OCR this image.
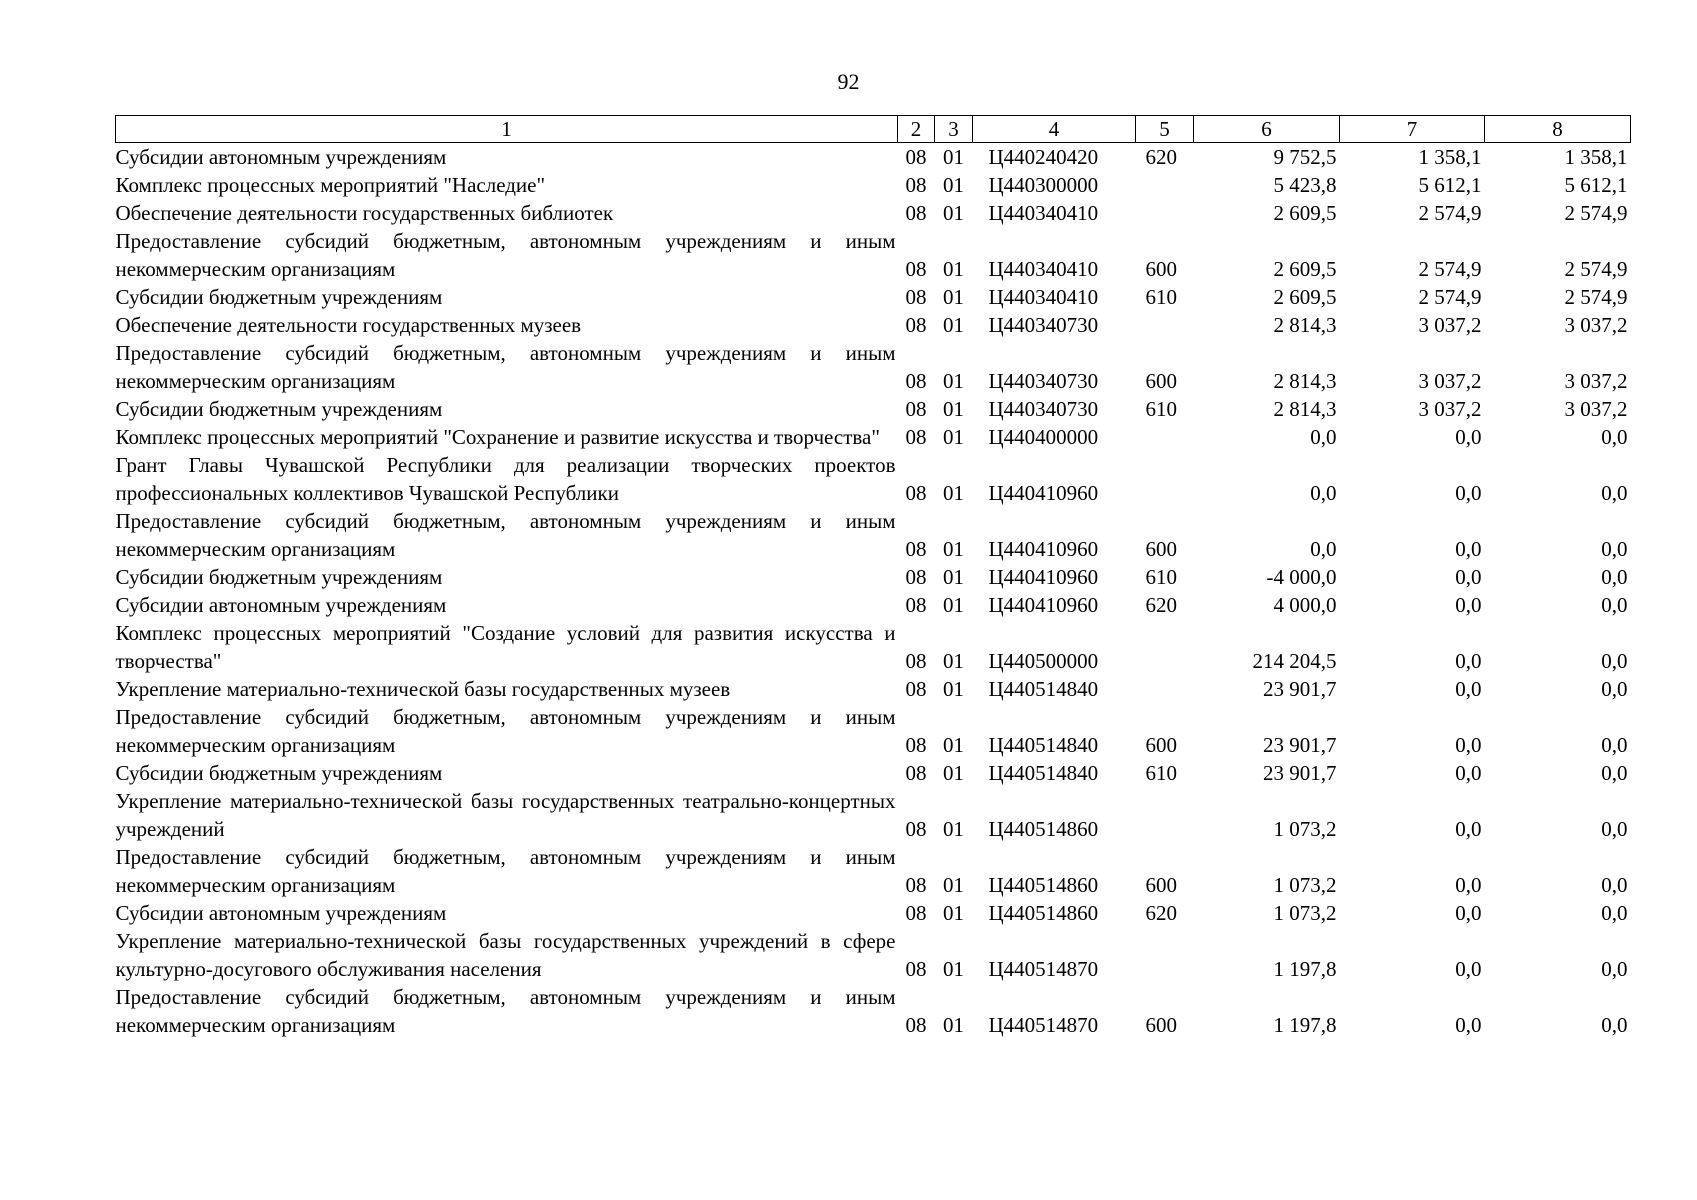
92
1	2	3	4	5	6	7	8
Субсидии автономным учреждениям	08	01	Ц440240420	620	9 752,5	1 358,1	1 358,1
Комплекс процессных мероприятий "Наследие"	08	01	Ц440300000		5 423,8	5 612,1	5 612,1
Обеспечение деятельности государственных библиотек	08	01	Ц440340410		2 609,5	2 574,9	2 574,9
Предоставление субсидий бюджетным, автономным учреждениям и иным некоммерческим организациям	08	01	Ц440340410	600	2 609,5	2 574,9	2 574,9
Субсидии бюджетным учреждениям	08	01	Ц440340410	610	2 609,5	2 574,9	2 574,9
Обеспечение деятельности государственных музеев	08	01	Ц440340730		2 814,3	3 037,2	3 037,2
Предоставление субсидий бюджетным, автономным учреждениям и иным некоммерческим организациям	08	01	Ц440340730	600	2 814,3	3 037,2	3 037,2
Субсидии бюджетным учреждениям	08	01	Ц440340730	610	2 814,3	3 037,2	3 037,2
Комплекс процессных мероприятий "Сохранение и развитие искусства и творчества"	08	01	Ц440400000		0,0	0,0	0,0
Грант Главы Чувашской Республики для реализации творческих проектов профессиональных коллективов Чувашской Республики	08	01	Ц440410960		0,0	0,0	0,0
Предоставление субсидий бюджетным, автономным учреждениям и иным некоммерческим организациям	08	01	Ц440410960	600	0,0	0,0	0,0
Субсидии бюджетным учреждениям	08	01	Ц440410960	610	-4 000,0	0,0	0,0
Субсидии автономным учреждениям	08	01	Ц440410960	620	4 000,0	0,0	0,0
Комплекс процессных мероприятий "Создание условий для развития искусства и творчества"	08	01	Ц440500000		214 204,5	0,0	0,0
Укрепление материально-технической базы государственных музеев	08	01	Ц440514840		23 901,7	0,0	0,0
Предоставление субсидий бюджетным, автономным учреждениям и иным некоммерческим организациям	08	01	Ц440514840	600	23 901,7	0,0	0,0
Субсидии бюджетным учреждениям	08	01	Ц440514840	610	23 901,7	0,0	0,0
Укрепление материально-технической базы государственных театрально-концертных учреждений	08	01	Ц440514860		1 073,2	0,0	0,0
Предоставление субсидий бюджетным, автономным учреждениям и иным некоммерческим организациям	08	01	Ц440514860	600	1 073,2	0,0	0,0
Субсидии автономным учреждениям	08	01	Ц440514860	620	1 073,2	0,0	0,0
Укрепление материально-технической базы государственных учреждений в сфере культурно-досугового обслуживания населения	08	01	Ц440514870		1 197,8	0,0	0,0
Предоставление субсидий бюджетным, автономным учреждениям и иным некоммерческим организациям	08	01	Ц440514870	600	1 197,8	0,0	0,0
